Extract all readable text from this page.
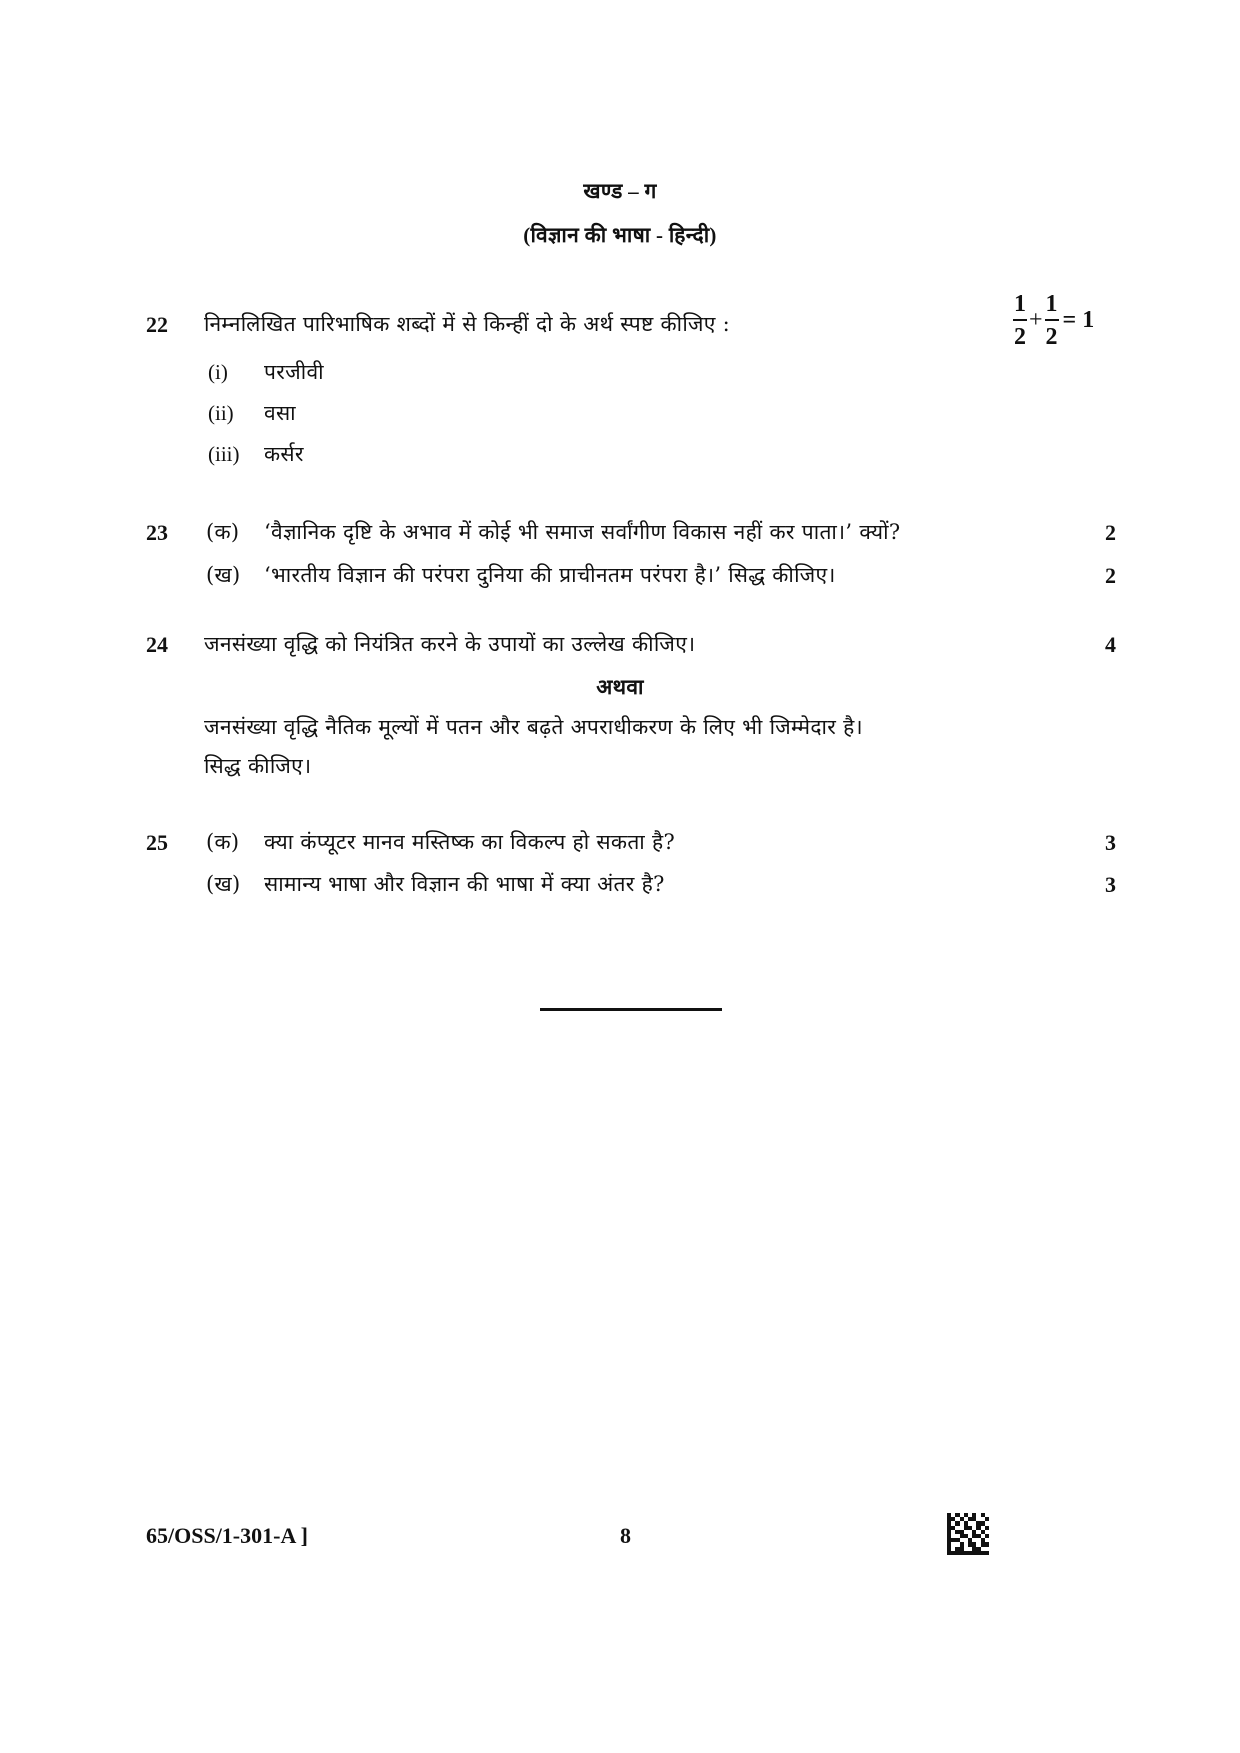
खण्ड – ग
(विज्ञान की भाषा - हिन्दी)
22 निम्नलिखित पारिभाषिक शब्दों में से किन्हीं दो के अर्थ स्पष्ट कीजिए :	$\frac{1}{2} + \frac{1}{2} = 1$
(i) परजीवी
(ii) वसा
(iii) कर्सर
23 (क) ‘वैज्ञानिक दृष्टि के अभाव में कोई भी समाज सर्वांगीण विकास नहीं कर पाता।’ क्यों?	2
(ख) ‘भारतीय विज्ञान की परंपरा दुनिया की प्राचीनतम परंपरा है।’ सिद्ध कीजिए।	2
24 जनसंख्या वृद्धि को नियंत्रित करने के उपायों का उल्लेख कीजिए।	4
अथवा
जनसंख्या वृद्धि नैतिक मूल्यों में पतन और बढ़ते अपराधीकरण के लिए भी जिम्मेदार है।
सिद्ध कीजिए।
25 (क) क्या कंप्यूटर मानव मस्तिष्क का विकल्प हो सकता है?	3
(ख) सामान्य भाषा और विज्ञान की भाषा में क्या अंतर है?	3
65/OSS/1-301-A ]	8
